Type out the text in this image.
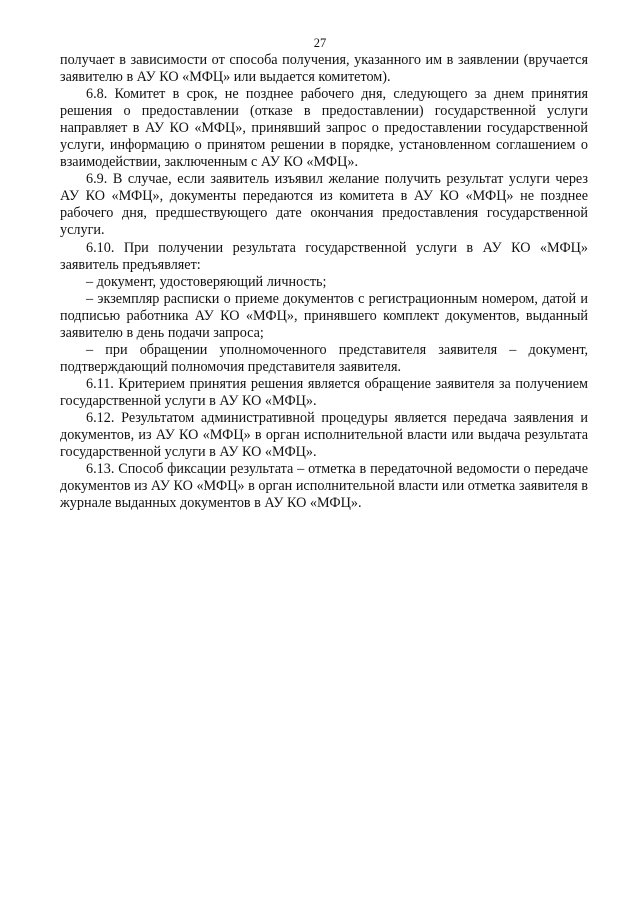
27

получает в зависимости от способа получения, указанного им в заявлении (вручается заявителю в АУ КО «МФЦ» или выдается комитетом).

6.8. Комитет в срок, не позднее рабочего дня, следующего за днем принятия решения о предоставлении (отказе в предоставлении) государственной услуги направляет в АУ КО «МФЦ», принявший запрос о предоставлении государственной услуги, информацию о принятом решении в порядке, установленном соглашением о взаимодействии, заключенным с АУ КО «МФЦ».

6.9. В случае, если заявитель изъявил желание получить результат услуги через АУ КО «МФЦ», документы передаются из комитета в АУ КО «МФЦ» не позднее рабочего дня, предшествующего дате окончания предоставления государственной услуги.

6.10. При получении результата государственной услуги в АУ КО «МФЦ» заявитель предъявляет:

– документ, удостоверяющий личность;

– экземпляр расписки о приеме документов с регистрационным номером, датой и подписью работника АУ КО «МФЦ», принявшего комплект документов, выданный заявителю в день подачи запроса;

– при обращении уполномоченного представителя заявителя – документ, подтверждающий полномочия представителя заявителя.

6.11. Критерием принятия решения является обращение заявителя за получением государственной услуги в АУ КО «МФЦ».

6.12. Результатом административной процедуры является передача заявления и документов, из АУ КО «МФЦ» в орган исполнительной власти или выдача результата государственной услуги в АУ КО «МФЦ».

6.13. Способ фиксации результата – отметка в передаточной ведомости о передаче документов из АУ КО «МФЦ» в орган исполнительной власти или отметка заявителя в журнале выданных документов в АУ КО «МФЦ».
